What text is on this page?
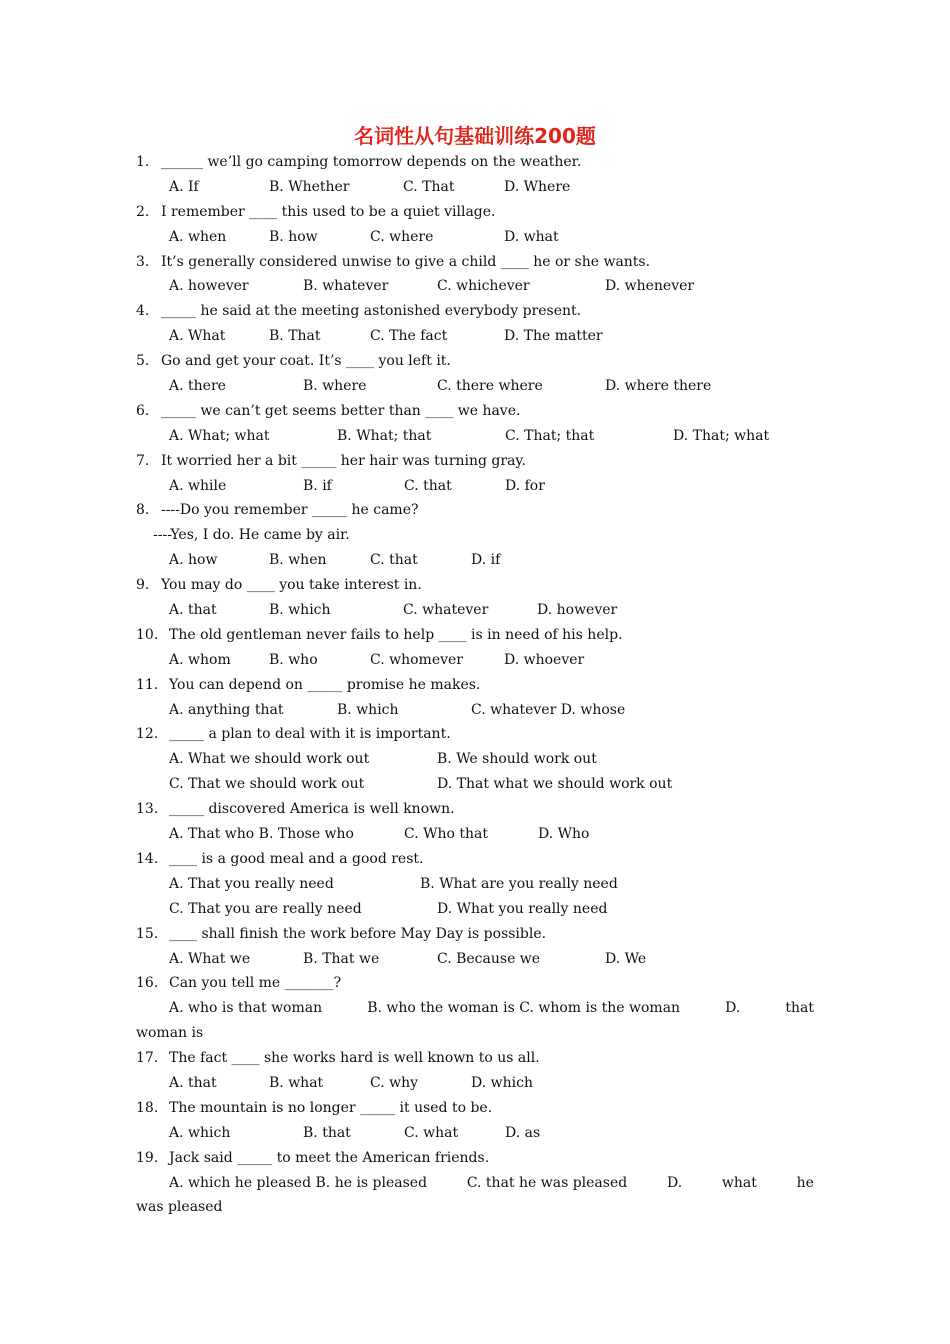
名词性从句基础训练200题
1. ______ we’ll go camping tomorrow depends on the weather.
A. If	B. Whether	C. That	D. Where
2. I remember ____ this used to be a quiet village.
A. when	B. how	C. where	D. what
3. It’s generally considered unwise to give a child ____ he or she wants.
A. however	B. whatever	C. whichever	D. whenever
4. _____ he said at the meeting astonished everybody present.
A. What	B. That	C. The fact	D. The matter
5. Go and get your coat. It’s ____ you left it.
A. there	B. where	C. there where	D. where there
6. _____ we can’t get seems better than ____ we have.
A. What; what	B. What; that	C. That; that	D. That; what
7. It worried her a bit _____ her hair was turning gray.
A. while	B. if	C. that	D. for
8. ----Do you remember _____ he came?
----Yes, I do. He came by air.
A. how	B. when	C. that	D. if
9. You may do ____ you take interest in.
A. that	B. which	C. whatever	D. however
10. The old gentleman never fails to help ____ is in need of his help.
A. whom	B. who	C. whomever	D. whoever
11. You can depend on _____ promise he makes.
A. anything that	B. which	C. whatever D. whose
12. _____ a plan to deal with it is important.
A. What we should work out	B. We should work out
C. That we should work out	D. That what we should work out
13. _____ discovered America is well known.
A. That who B. Those who	C. Who that	D. Who
14. ____ is a good meal and a good rest.
A. That you really need	B. What are you really need
C. That you are really need	D. What you really need
15. ____ shall finish the work before May Day is possible.
A. What we	B. That we	C. Because we	D. We
16. Can you tell me _______?
A. who is that woman	B. who the woman is C. whom is the woman	D.	that
woman is
17. The fact ____ she works hard is well known to us all.
A. that	B. what	C. why	D. which
18. The mountain is no longer _____ it used to be.
A. which	B. that	C. what	D. as
19. Jack said _____ to meet the American friends.
A. which he pleased B. he is pleased	C. that he was pleased	D.	what	he
was pleased
